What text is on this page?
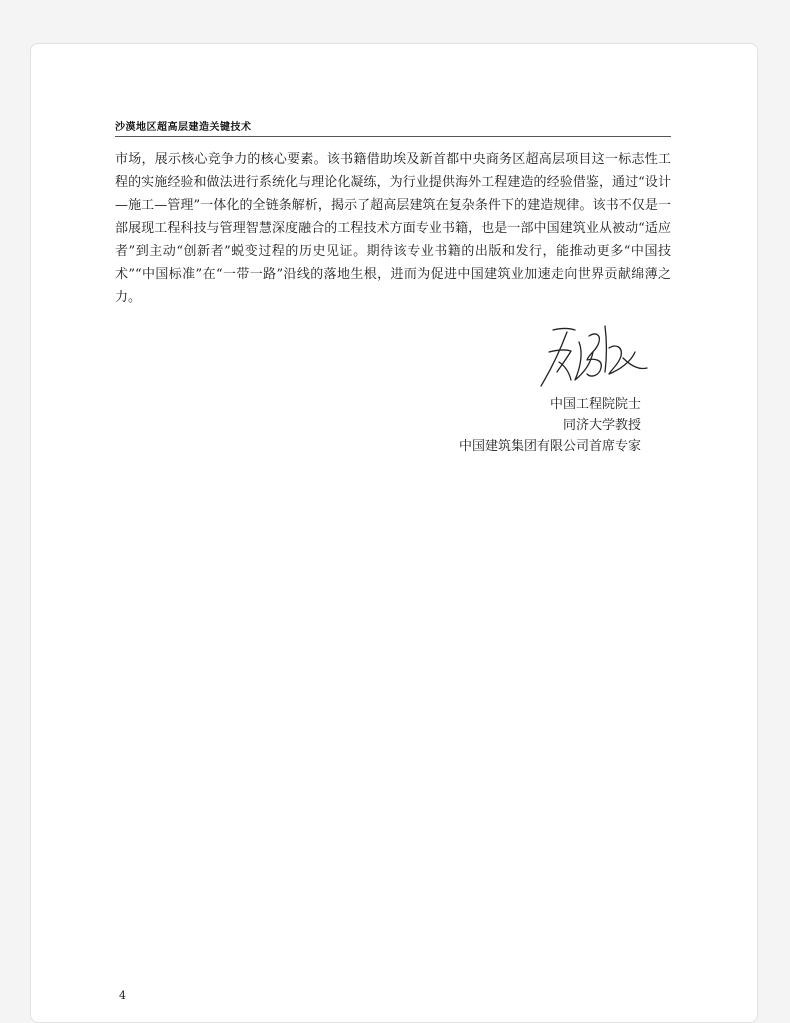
沙漠地区超高层建造关键技术

市场，展示核心竞争力的核心要素。该书籍借助埃及新首都中央商务区超高层项目这一标志性工程的实施经验和做法进行系统化与理论化凝练，为行业提供海外工程建造的经验借鉴，通过“设计—施工—管理”一体化的全链条解析，揭示了超高层建筑在复杂条件下的建造规律。该书不仅是一部展现工程科技与管理智慧深度融合的工程技术方面专业书籍，也是一部中国建筑业从被动“适应者”到主动“创新者”蜕变过程的历史见证。期待该专业书籍的出版和发行，能推动更多“中国技术”“中国标准”在“一带一路”沿线的落地生根，进而为促进中国建筑业加速走向世界贡献绵薄之力。

中国工程院院士
同济大学教授
中国建筑集团有限公司首席专家
4
